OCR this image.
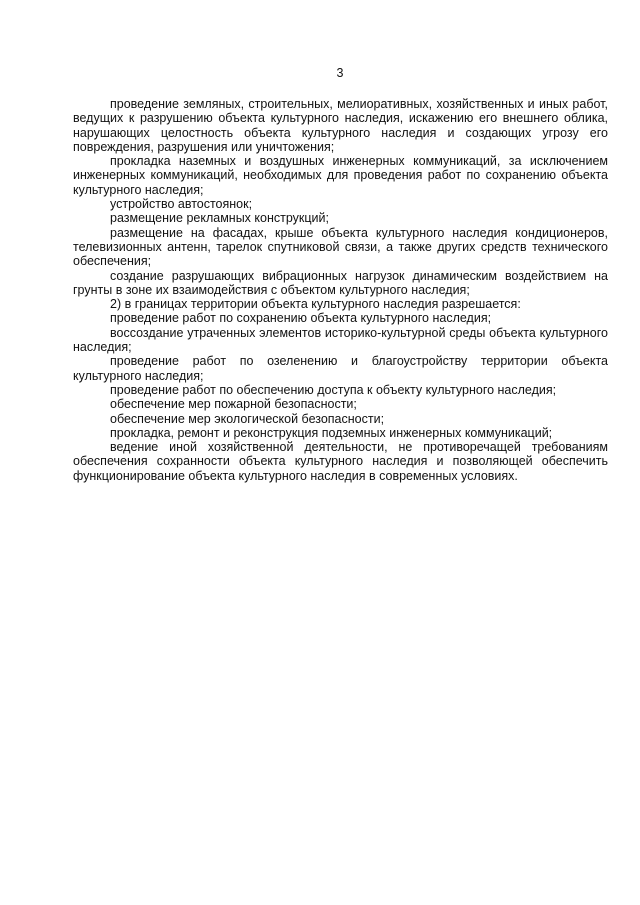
3

проведение земляных, строительных, мелиоративных, хозяйственных и иных работ, ведущих к разрушению объекта культурного наследия, искажению его внешнего облика, нарушающих целостность объекта культурного наследия и создающих угрозу его повреждения, разрушения или уничтожения;

прокладка наземных и воздушных инженерных коммуникаций, за исключением инженерных коммуникаций, необходимых для проведения работ по сохранению объекта культурного наследия;

устройство автостоянок;

размещение рекламных конструкций;

размещение на фасадах, крыше объекта культурного наследия кондиционеров, телевизионных антенн, тарелок спутниковой связи, а также других средств технического обеспечения;

создание разрушающих вибрационных нагрузок динамическим воздействием на грунты в зоне их взаимодействия с объектом культурного наследия;

2) в границах территории объекта культурного наследия разрешается:

проведение работ по сохранению объекта культурного наследия;

воссоздание утраченных элементов историко-культурной среды объекта культурного наследия;

проведение работ по озеленению и благоустройству территории объекта культурного наследия;

проведение работ по обеспечению доступа к объекту культурного наследия;

обеспечение мер пожарной безопасности;

обеспечение мер экологической безопасности;

прокладка, ремонт и реконструкция подземных инженерных коммуникаций;

ведение иной хозяйственной деятельности, не противоречащей требованиям обеспечения сохранности объекта культурного наследия и позволяющей обеспечить функционирование объекта культурного наследия в современных условиях.
